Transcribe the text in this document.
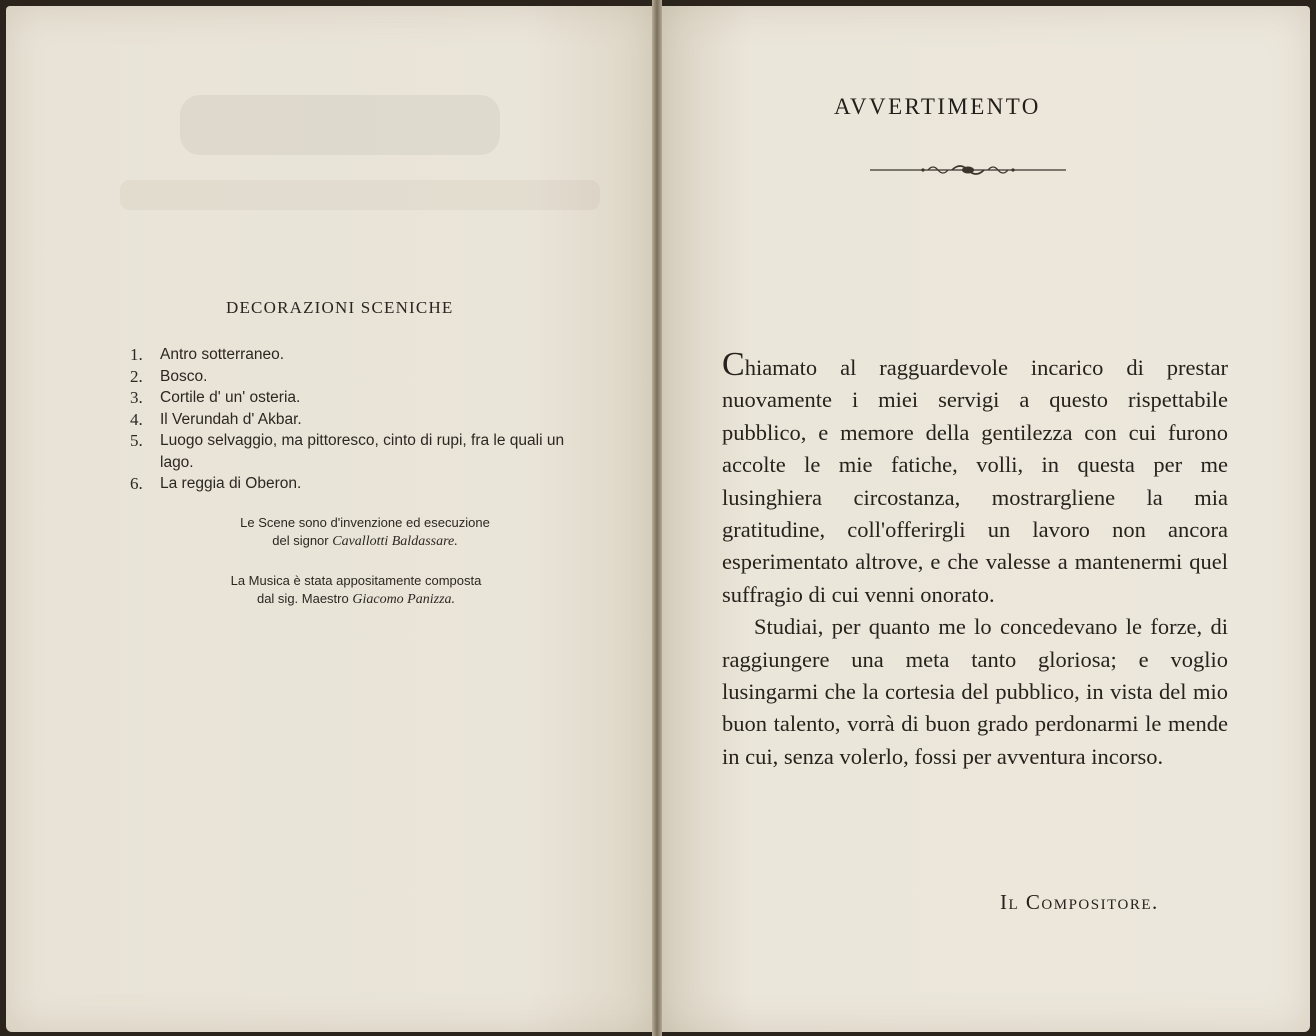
DECORAZIONI SCENICHE
1.	Antro sotterraneo.
2.	Bosco.
3.	Cortile d' un' osteria.
4.	Il Verundah d' Akbar.
5.	Luogo selvaggio, ma pittoresco, cinto di rupi, fra le quali un lago.
6.	La reggia di Oberon.
Le Scene sono d'invenzione ed esecuzione
del signor Cavallotti Baldassare.
La Musica è stata appositamente composta
dal sig. Maestro Giacomo Panizza.
AVVERTIMENTO

Chiamato al ragguardevole incarico di prestar nuovamente i miei servigi a questo rispettabile pubblico, e memore della gentilezza con cui furono accolte le mie fatiche, volli, in questa per me lusinghiera circostanza, mostrargliene la mia gratitudine, coll'offerirgli un lavoro non ancora esperimentato altrove, e che valesse a mantenermi quel suffragio di cui venni onorato.

Studiai, per quanto me lo concedevano le forze, di raggiungere una meta tanto gloriosa; e voglio lusingarmi che la cortesia del pubblico, in vista del mio buon talento, vorrà di buon grado perdonarmi le mende in cui, senza volerlo, fossi per avventura incorso.

Il Compositore.
